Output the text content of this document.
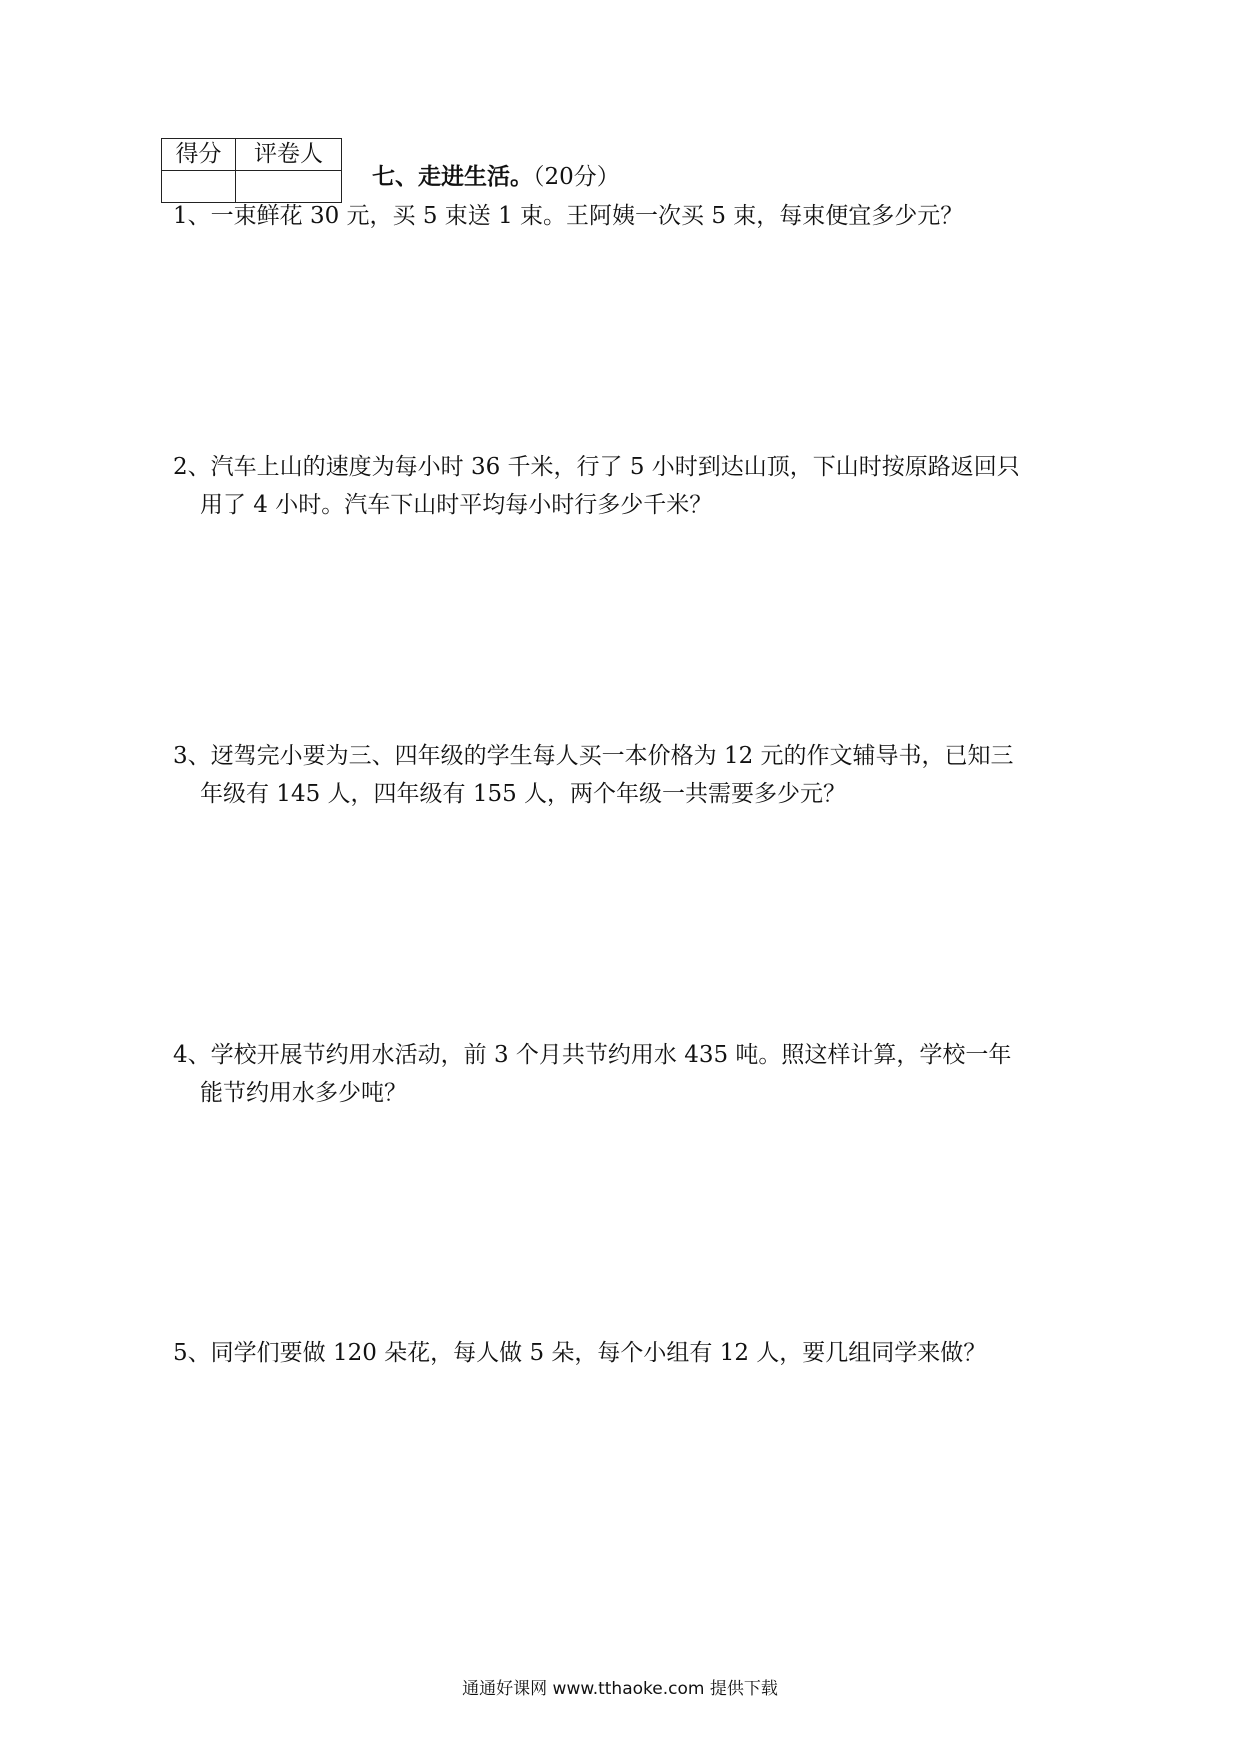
得分	评卷人

七、走进生活。（20分）
1、一束鲜花 30 元，买 5 束送 1 束。王阿姨一次买 5 束，每束便宜多少元？
2、汽车上山的速度为每小时 36 千米，行了 5 小时到达山顶，下山时按原路返回只
用了 4 小时。汽车下山时平均每小时行多少千米？
3、迓驾完小要为三、四年级的学生每人买一本价格为 12 元的作文辅导书，已知三
年级有 145 人，四年级有 155 人，两个年级一共需要多少元？
4、学校开展节约用水活动，前 3 个月共节约用水 435 吨。照这样计算，学校一年
能节约用水多少吨？
5、同学们要做 120 朵花，每人做 5 朵，每个小组有 12 人，要几组同学来做？
通通好课网 www.tthaoke.com 提供下载
